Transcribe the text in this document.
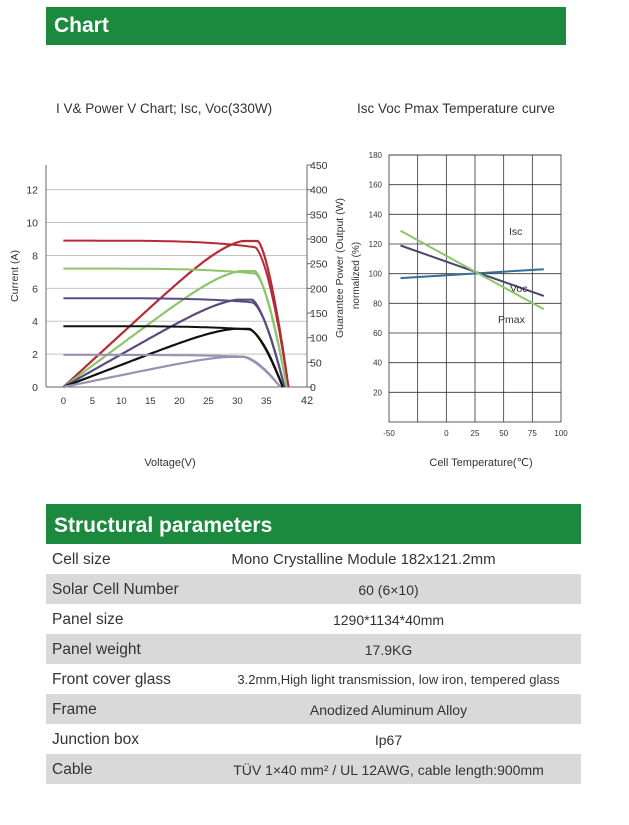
Chart
I V& Power V Chart; Isc, Voc(330W)	Isc Voc Pmax Temperature curve
0
2
4
6
8
10
12
0
50
100
150
200
250
300
350
400
450
0 5 10 15 20 25 30 35	42
Current (A)	Guarantee Power (Output (W)
Voltage(V)
20
40
60
80
100
120
140
160
180
-50	0	25 50 75 100
normalized (%)
Cell Temperature(℃)
Isc
Voc
Pmax
Structural parameters
Cell size	Mono Crystalline Module 182x121.2mm
Solar Cell Number	60 (6×10)
Panel size	1290*1134*40mm
Panel weight	17.9KG
Front cover glass	3.2mm,High light transmission, low iron, tempered glass
Frame	Anodized Aluminum Alloy
Junction box	Ip67
Cable	TÜV 1×40 mm² / UL 12AWG, cable length:900mm
